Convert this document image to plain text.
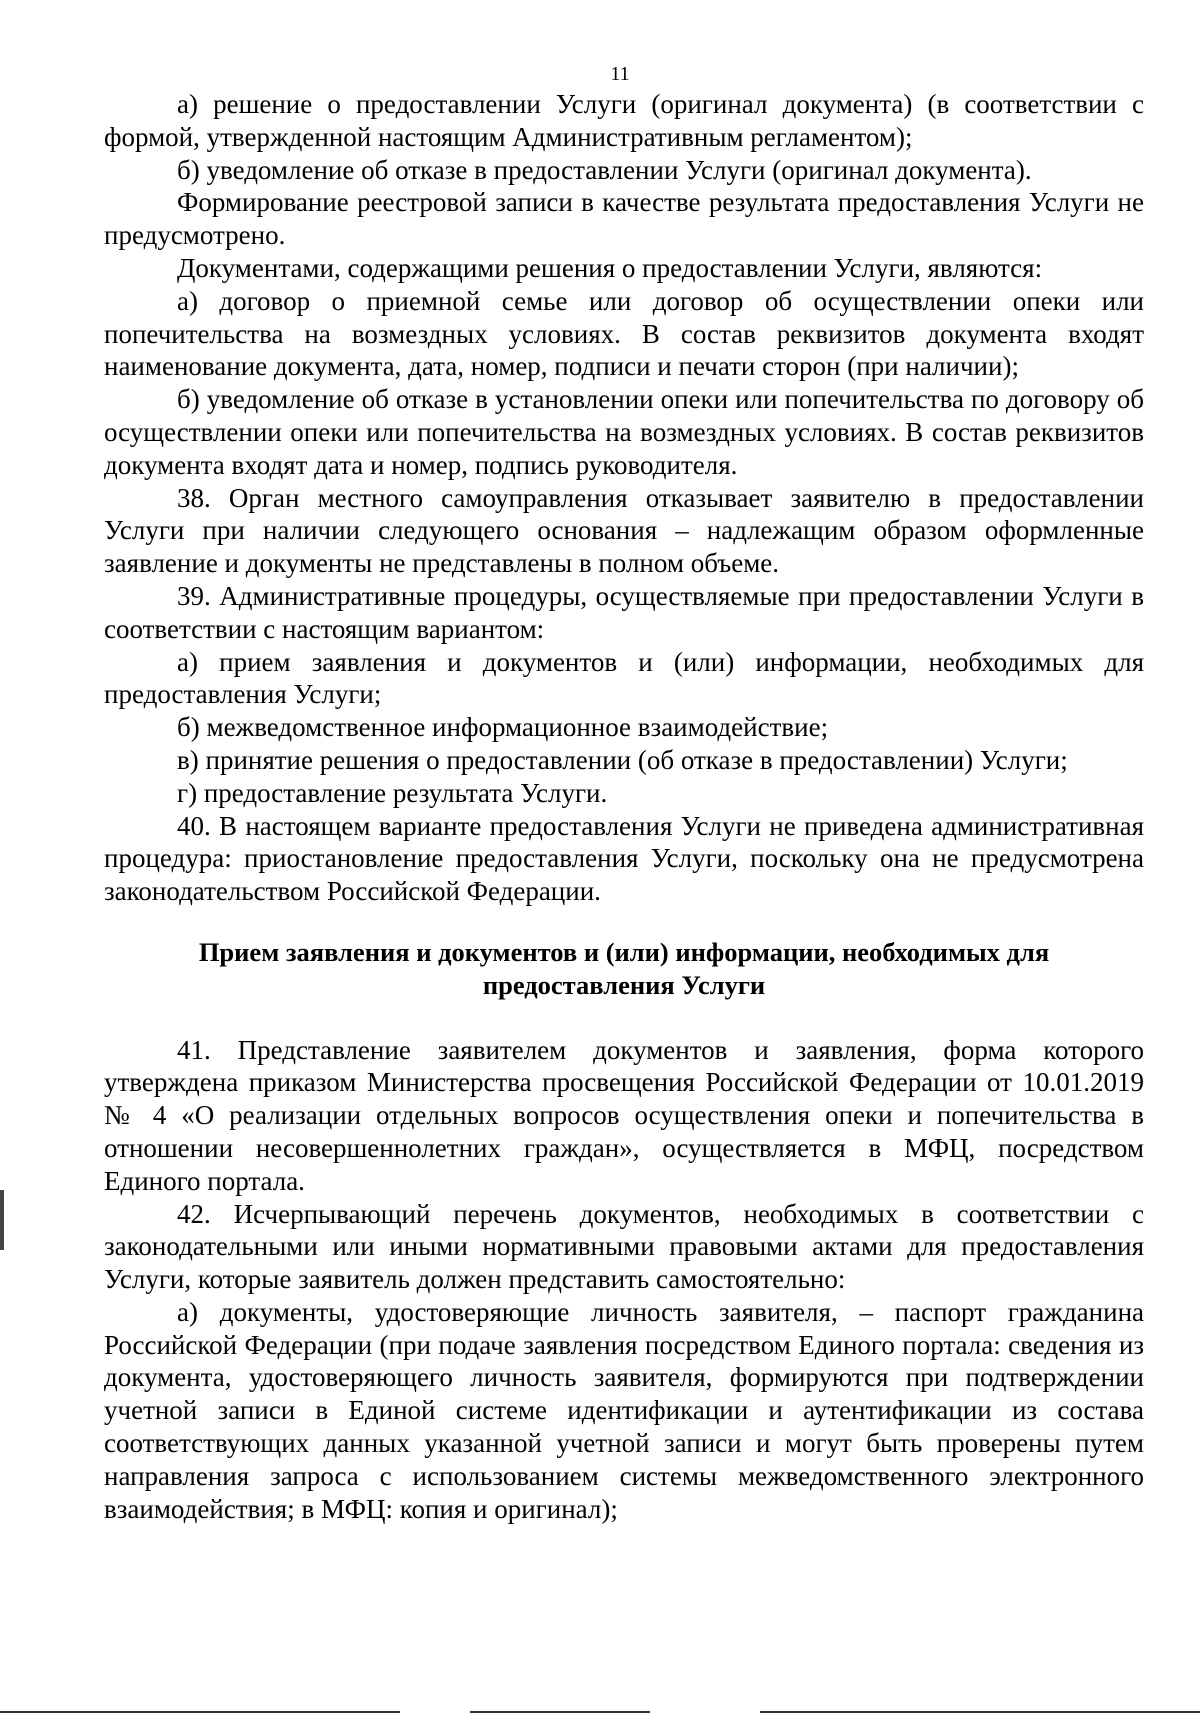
11

а) решение о предоставлении Услуги (оригинал документа) (в соответствии с формой, утвержденной настоящим Административным регламентом);

б) уведомление об отказе в предоставлении Услуги (оригинал документа).

Формирование реестровой записи в качестве результата предоставления Услуги не предусмотрено.

Документами, содержащими решения о предоставлении Услуги, являются:

а) договор о приемной семье или договор об осуществлении опеки или попечительства на возмездных условиях. В состав реквизитов документа входят наименование документа, дата, номер, подписи и печати сторон (при наличии);

б) уведомление об отказе в установлении опеки или попечительства по договору об осуществлении опеки или попечительства на возмездных условиях. В состав реквизитов документа входят дата и номер, подпись руководителя.

38. Орган местного самоуправления отказывает заявителю в предоставлении Услуги при наличии следующего основания – надлежащим образом оформленные заявление и документы не представлены в полном объеме.

39. Административные процедуры, осуществляемые при предоставлении Услуги в соответствии с настоящим вариантом:

а) прием заявления и документов и (или) информации, необходимых для предоставления Услуги;

б) межведомственное информационное взаимодействие;

в) принятие решения о предоставлении (об отказе в предоставлении) Услуги;

г) предоставление результата Услуги.

40. В настоящем варианте предоставления Услуги не приведена административная процедура: приостановление предоставления Услуги, поскольку она не предусмотрена законодательством Российской Федерации.

Прием заявления и документов и (или) информации, необходимых для предоставления Услуги

41. Представление заявителем документов и заявления, форма которого утверждена приказом Министерства просвещения Российской Федерации от 10.01.2019 № 4 «О реализации отдельных вопросов осуществления опеки и попечительства в отношении несовершеннолетних граждан», осуществляется в МФЦ, посредством Единого портала.

42. Исчерпывающий перечень документов, необходимых в соответствии с законодательными или иными нормативными правовыми актами для предоставления Услуги, которые заявитель должен представить самостоятельно:

а) документы, удостоверяющие личность заявителя, – паспорт гражданина Российской Федерации (при подаче заявления посредством Единого портала: сведения из документа, удостоверяющего личность заявителя, формируются при подтверждении учетной записи в Единой системе идентификации и аутентификации из состава соответствующих данных указанной учетной записи и могут быть проверены путем направления запроса с использованием системы межведомственного электронного взаимодействия; в МФЦ: копия и оригинал);
